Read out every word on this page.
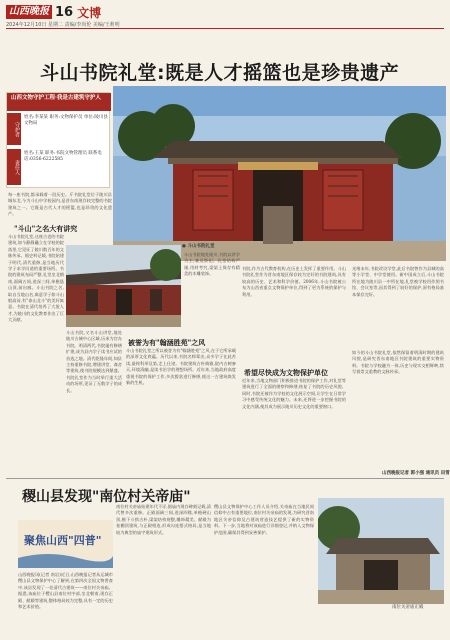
山西晚报 16 文博
2024年12月10日 星期二 责编/李尚伦 美编/王莉明
斗山书院礼堂:既是人才摇篮也是珍贵遗产
山西文物守护工程·我是古建筑守护人
守护者
姓名:李某某 职务:文物保护员 单位:陵川县文物局
责任人
姓名:王某 职务:书院文物管理员 联系电话:0356-6222585
每一座书院,都承载着一段历史。斤书院礼堂位于陵川县城东北,今为斗山中学校园内,是晋东南现存较完整的书院建筑之一。它既是古代人才的摇篮,也是珍贵的文化遗产。
"斗山"之名大有讲究
斗山书院礼堂,这座古老的书院建筑,如今静静矗立在学校的院落里,它见证了陵川数百年的文脉传承。据史料记载,书院始建于明代,清代重修,是当地历代学子求学问道的重要场所。书院的建筑布局严整,礼堂坐北朝南,面阔五间,进深三间,单檐悬山顶,前出廊。斗山书院之名,取自当地山名,寓意学子如斗山般高耸,有"泰山北斗"的美好寓意。书院在清代培养了大批人才,为陵川的文化教育作出了巨大贡献。
● 斗山书院礼堂
斗山书院,又名斗山讲堂,地处陵川古城中心区域,历来为官办书院。明清两代,书院屡有修缮扩建,成为县内学子读书应试的首选之地。清代乾隆年间,知县主持重修书院,增建讲堂、斋舍等建筑,使书院规模达到鼎盛。书院礼堂作为当时举行重大活动的场所,见证了无数学子的成长。
斗山书院地处陵川,书院以讲学为主,兼及祭祀。礼堂结构严谨,用材考究,梁架上保存有精美的木雕装饰。
被誉为有"翰涵胜苑"之风
斗山书院礼堂之所以被誉为有"翰涵胜苑"之风,在于它所承载的深厚文化底蕴。历代以来,书院名师辈出,众多学子在此苦读,最终科举及第,走上仕途。书院建筑古朴典雅,院内古树参天,环境清幽,是读书治学的理想场所。近年来,当地政府高度重视书院的保护工作,多次拨款进行修缮,使这一古建筑焕发新的生机。
书院,作为古代教育机构,在历史上发挥了重要作用。斗山书院礼堂作为晋东南地区保存较为完好的书院建筑,具有较高的历史、艺术和科学价值。2006年,斗山书院被公布为山西省重点文物保护单位,得到了更为系统的保护与利用。
希望尽快成为文物保护单位
近年来,当地文物部门积极推进书院的保护工作,对礼堂等建筑进行了全面的勘察和修缮,恢复了书院的历史风貌。同时,书院还被作为学校的文化展示空间,让学生在日常学习中感受传统文化的魅力。未来,还将进一步挖掘书院的文化内涵,使其成为展示陵川历史文化的重要窗口。
光绪末年,书院改设学堂,此后书院曾作为县城的高等小学堂、中学堂使用。新中国成立后,斗山书院所在地为陵川县一中所在地,礼堂被学校用作图书馆、会议室等,因其得到了较好的保护,原有格局基本保存完好。
如今的斗山书院礼堂,依然保留着明清时期的建筑风貌,是研究晋东南地区书院建筑的重要实物资料。书院与学校融为一体,历史与现实交相辉映,续写着崇文重教的文脉传承。
山西晚报记者 郭小强 通讯员 田雪
稷山县发现"南位村关帝庙"
聚焦山西"四普"
山西晚报讯(记者 南岩)近日,山西晚报记者从运城市稷山县文物保护中心了解到,在第四次全国文物普查中,该县发现了一处清代古建筑——南位村关帝庙。据悉,该庙位于稷山县南位村中部,坐北朝南,现存正殿、献殿等建筑,整体格局较为完整,具有一定的历史和艺术价值。
南位村关帝庙始建年代不详,据庙内现存碑刻记载,清代曾多次重修。正殿面阔三间,进深四椽,单檐硬山顶,檐下斗拱古朴,梁架结构规整,雕饰精美。献殿为卷棚顶建筑,与正殿相连,形成勾连搭式格局,是当地较为典型的庙宇建筑形式。
稷山县文物保护中心工作人员介绍,关帝庙在当地民间信仰中占有重要地位,南位村关帝庙的发现,为研究晋南地区关帝信仰及古建筑营造技艺提供了新的实物资料。下一步,当地将对该庙进行详细登记,并纳入文物保护范围,确保其得到妥善保护。
南位关帝庙正殿
